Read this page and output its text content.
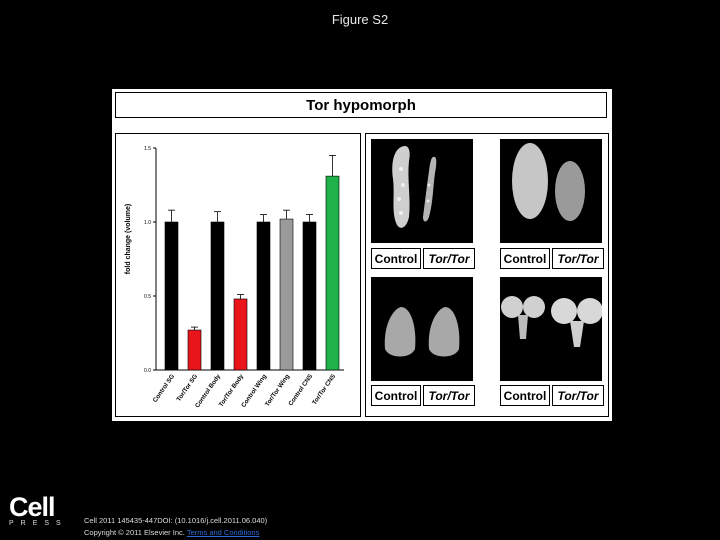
Figure S2
Tor hypomorph
0.0
0.5
1.0
1.5
fold change (volume)
Control SG Tor/Tor SG
Control Body
Tor/Tor Body
Control Wing
Tor/Tor Wing
Control CNS
Tor/Tor CNS
Control Tor/Tor	Control Tor/Tor
Control Tor/Tor	Control Tor/Tor
Cell
PRESS Cell 2011 145435-447DOI: (10.1016/j.cell.2011.06.040)
Copyright © 2011 Elsevier Inc. Terms and Conditions
